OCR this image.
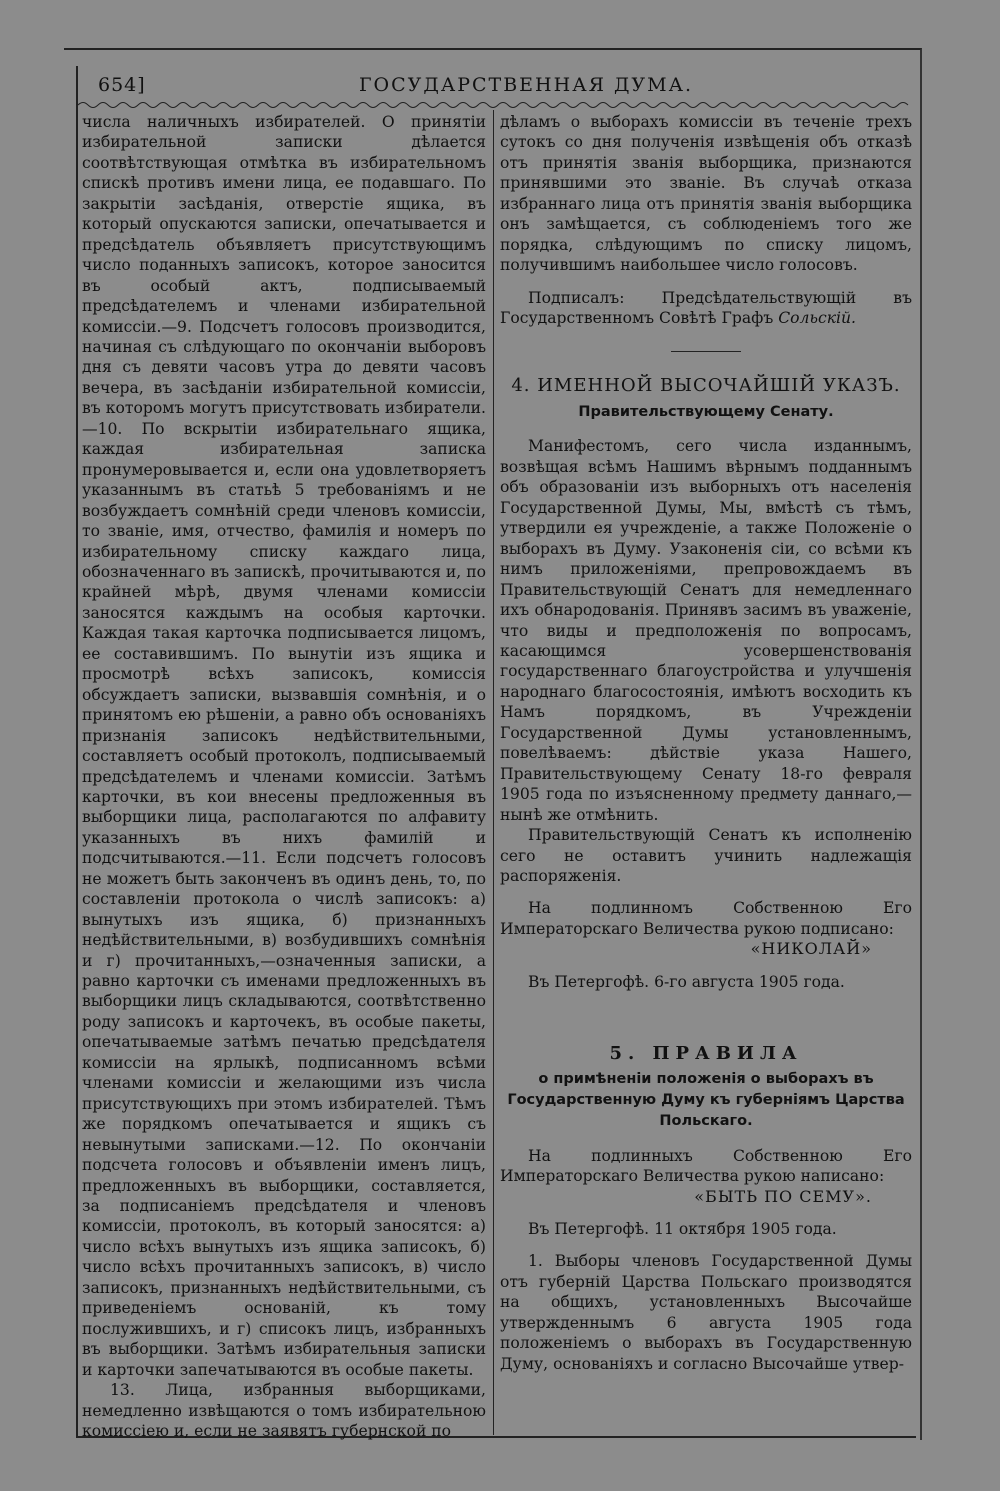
654]	ГОСУДАРСТВЕННАЯ ДУМА.

числа наличныхъ избирателей. О принятіи избирательной записки дѣлается соотвѣтствующая отмѣтка въ избирательномъ спискѣ противъ имени лица, ее подавшаго. По закрытіи засѣданія, отверстіе ящика, въ который опускаются записки, опечатывается и предсѣдатель объявляетъ присутствующимъ число поданныхъ записокъ, которое заносится въ особый актъ, подписываемый предсѣдателемъ и членами избирательной комиссіи.—9. Подсчетъ голосовъ производится, начиная съ слѣдующаго по окончаніи выборовъ дня съ девяти часовъ утра до девяти часовъ вечера, въ засѣданіи избирательной комиссіи, въ которомъ могутъ присутствовать избиратели.—10. По вскрытіи избирательнаго ящика, каждая избирательная записка пронумеровывается и, если она удовлетворяетъ указаннымъ въ статьѣ 5 требованіямъ и не возбуждаетъ сомнѣній среди членовъ комиссіи, то званіе, имя, отчество, фамилія и номеръ по избирательному списку каждаго лица, обозначеннаго въ запискѣ, прочитываются и, по крайней мѣрѣ, двумя членами комиссіи заносятся каждымъ на особыя карточки. Каждая такая карточка подписывается лицомъ, ее составившимъ. По вынутіи изъ ящика и просмотрѣ всѣхъ записокъ, комиссія обсуждаетъ записки, вызвавшія сомнѣнія, и о принятомъ ею рѣшеніи, а равно объ основаніяхъ признанія записокъ недѣйствительными, составляетъ особый протоколъ, подписываемый предсѣдателемъ и членами комиссіи. Затѣмъ карточки, въ кои внесены предложенныя въ выборщики лица, располагаются по алфавиту указанныхъ въ нихъ фамилій и подсчитываются.—11. Если подсчетъ голосовъ не можетъ быть законченъ въ одинъ день, то, по составленіи протокола о числѣ записокъ: а) вынутыхъ изъ ящика, б) признанныхъ недѣйствительными, в) возбудившихъ сомнѣнія и г) прочитанныхъ,—означенныя записки, а равно карточки съ именами предложенныхъ въ выборщики лицъ складываются, соотвѣтственно роду записокъ и карточекъ, въ особые пакеты, опечатываемые затѣмъ печатью предсѣдателя комиссіи на ярлыкѣ, подписанномъ всѣми членами комиссіи и желающими изъ числа присутствующихъ при этомъ избирателей. Тѣмъ же порядкомъ опечатывается и ящикъ съ невынутыми записками.—12. По окончаніи подсчета голосовъ и объявленіи именъ лицъ, предложенныхъ въ выборщики, составляется, за подписаніемъ предсѣдателя и членовъ комиссіи, протоколъ, въ который заносятся: а) число всѣхъ вынутыхъ изъ ящика записокъ, б) число всѣхъ прочитанныхъ записокъ, в) число записокъ, признанныхъ недѣйствительными, съ приведеніемъ основаній, къ тому послужившихъ, и г) списокъ лицъ, избранныхъ въ выборщики. Затѣмъ избирательныя записки и карточки запечатываются въ особые пакеты.

13. Лица, избранныя выборщиками, немедленно извѣщаются о томъ избирательною комиссіею и, если не заявятъ губернской по

дѣламъ о выборахъ комиссіи въ теченіе трехъ сутокъ со дня полученія извѣщенія объ отказѣ отъ принятія званія выборщика, признаются принявшими это званіе. Въ случаѣ отказа избраннаго лица отъ принятія званія выборщика онъ замѣщается, съ соблюденіемъ того же порядка, слѣдующимъ по списку лицомъ, получившимъ наибольшее число голосовъ.

Подписалъ: Предсѣдательствующій въ Государственномъ Совѣтѣ Графъ Сольскій.

4. ИМЕННОЙ ВЫСОЧАЙШІЙ УКАЗЪ.
Правительствующему Сенату.

Манифестомъ, сего числа изданнымъ, возвѣщая всѣмъ Нашимъ вѣрнымъ подданнымъ объ образованіи изъ выборныхъ отъ населенія Государственной Думы, Мы, вмѣстѣ съ тѣмъ, утвердили ея учрежденіе, а также Положеніе о выборахъ въ Думу. Узаконенія сіи, со всѣми къ нимъ приложеніями, препровождаемъ въ Правительствующій Сенатъ для немедленнаго ихъ обнародованія. Принявъ засимъ въ уваженіе, что виды и предположенія по вопросамъ, касающимся усовершенствованія государственнаго благоустройства и улучшенія народнаго благосостоянія, имѣютъ восходить къ Намъ порядкомъ, въ Учрежденіи Государственной Думы установленнымъ, повелѣваемъ: дѣйствіе указа Нашего, Правительствующему Сенату 18-го февраля 1905 года по изъясненному предмету даннаго,—нынѣ же отмѣнить.

Правительствующій Сенатъ къ исполненію сего не оставитъ учинить надлежащія распоряженія.

На подлинномъ Собственною Его Императорскаго Величества рукою подписано:

«НИКОЛАЙ»

Въ Петергофѣ. 6-го августа 1905 года.

5. ПРАВИЛА
о примѣненіи положенія о выборахъ въ Государственную Думу къ губерніямъ Царства Польскаго.

На подлинныхъ Собственною Его Императорскаго Величества рукою написано:

«БЫТЬ ПО СЕМУ».

Въ Петергофѣ. 11 октября 1905 года.

1. Выборы членовъ Государственной Думы отъ губерній Царства Польскаго производятся на общихъ, установленныхъ Высочайше утвержденнымъ 6 августа 1905 года положеніемъ о выборахъ въ Государственную Думу, основаніяхъ и согласно Высочайше утвер-
